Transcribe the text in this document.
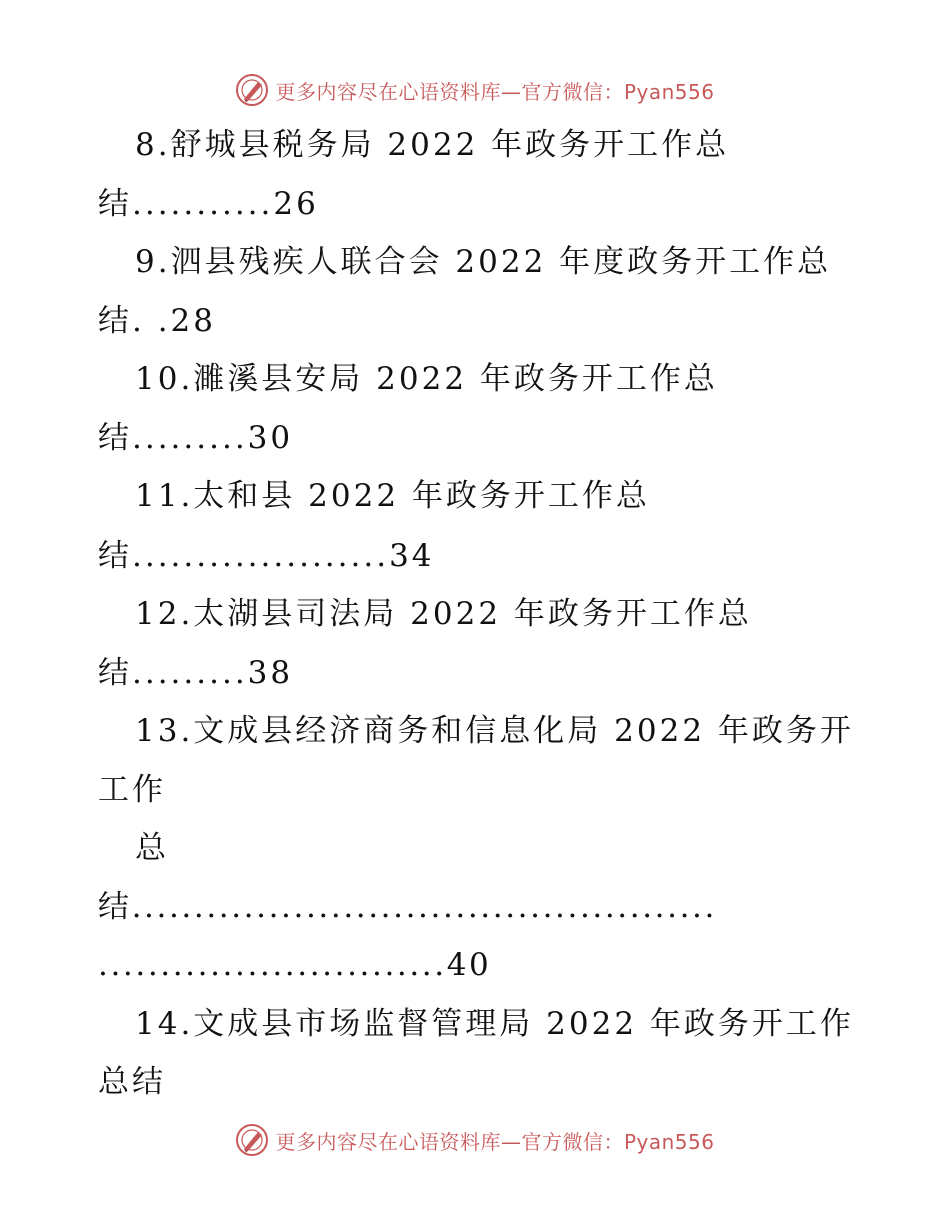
更多内容尽在心语资料库—官方微信：Pyan556
8.舒城县税务局 2022 年政务开工作总
结...........26
9.泗县残疾人联合会 2022 年度政务开工作总
结. .28
10.濉溪县安局 2022 年政务开工作总
结.........30
11.太和县 2022 年政务开工作总
结....................34
12.太湖县司法局 2022 年政务开工作总
结.........38
13.文成县经济商务和信息化局 2022 年政务开
工作
总
结...............................................
............................40
14.文成县市场监督管理局 2022 年政务开工作
总结
更多内容尽在心语资料库—官方微信：Pyan556
